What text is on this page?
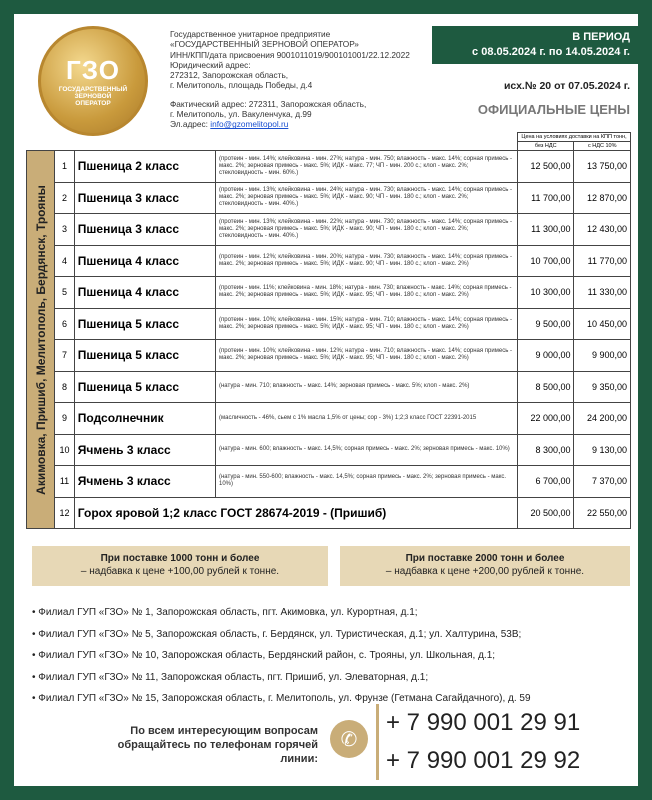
ГЗО
ГОСУДАРСТВЕННЫЙ
ЗЕРНОВОЙ
ОПЕРАТОР
Государственное унитарное предприятие
«ГОСУДАРСТВЕННЫЙ ЗЕРНОВОЙ ОПЕРАТОР»
ИНН/КПП/дата присвоения 9001011019/900101001/22.12.2022
Юридический адрес:
272312, Запорожская область,
г. Мелитополь, площадь Победы, д.4
Фактический адрес: 272311, Запорожская область,
г. Мелитополь, ул. Вакуленчука, д.99
Эл.адрес: info@gzomelitopol.ru
В ПЕРИОД
с 08.05.2024 г. по 14.05.2024 г.
исх.№ 20 от 07.05.2024 г.
ОФИЦИАЛЬНЫЕ ЦЕНЫ
				Цена на условиях доставки на КПП тонн,	
				без НДС	с НДС 10%

Акимовка, Пришиб, Мелитополь, Бердянск, Трояны	1	Пшеница 2 класс	(протеин - мин. 14%; клейковина - мин. 27%; натура - мин. 750; влажность - макс. 14%; сорная примесь - макс. 2%; зерновая примесь - макс. 5%; ИДК - макс. 77; ЧП - мин. 200 с.; клоп - макс. 2%; стекловидность - мин. 60%.)	12 500,00	13 750,00
	2	Пшеница 3 класс	(протеин - мин. 13%; клейковина - мин. 24%; натура - мин. 730; влажность - макс. 14%; сорная примесь - макс. 2%; зерновая примесь - макс. 5%; ИДК - макс. 90; ЧП - мин. 180 с.; клоп - макс. 2%; стекловидность - мин. 40%.)	11 700,00	12 870,00
	3	Пшеница 3 класс	(протеин - мин. 13%; клейковина - мин. 22%; натура - мин. 730; влажность - макс. 14%; сорная примесь - макс. 2%; зерновая примесь - макс. 5%; ИДК - макс. 90; ЧП - мин. 180 с.; клоп - макс. 2%; стекловидность - мин. 40%.)	11 300,00	12 430,00
	4	Пшеница 4 класс	(протеин - мин. 12%; клейковина - мин. 20%; натура - мин. 730; влажность - макс. 14%; сорная примесь - макс. 2%; зерновая примесь - макс. 5%; ИДК - макс. 90; ЧП - мин. 180 с.; клоп - макс. 2%)	10 700,00	11 770,00
	5	Пшеница 4 класс	(протеин - мин. 11%; клейковина - мин. 18%; натура - мин. 730; влажность - макс. 14%; сорная примесь - макс. 2%; зерновая примесь - макс. 5%; ИДК - макс. 95; ЧП - мин. 180 с.; клоп - макс. 2%)	10 300,00	11 330,00
	6	Пшеница 5 класс	(протеин - мин. 10%; клейковина - мин. 15%; натура - мин. 710; влажность - макс. 14%; сорная примесь - макс. 2%; зерновая примесь - макс. 5%; ИДК - макс. 95; ЧП - мин. 180 с.; клоп - макс. 2%)	9 500,00	10 450,00
	7	Пшеница 5 класс	(протеин - мин. 10%; клейковина - мин. 12%; натура - мин. 710; влажность - макс. 14%; сорная примесь - макс. 2%; зерновая примесь - макс. 5%; ИДК - макс. 95; ЧП - мин. 180 с.; клоп - макс. 2%)	9 000,00	9 900,00
	8	Пшеница 5 класс	(натура - мин. 710; влажность - макс. 14%; зерновая примесь - макс. 5%; клоп - макс. 2%)	8 500,00	9 350,00
	9	Подсолнечник	(масличность - 46%, сьем с 1% масла 1,5% от цены; сор - 3%) 1;2;3 класс ГОСТ 22391-2015	22 000,00	24 200,00
	10	Ячмень 3 класс	(натура - мин. 600; влажность - макс. 14,5%; сорная примесь - макс. 2%; зерновая примесь - макс. 10%)	8 300,00	9 130,00
	11	Ячмень 3 класс	(натура - мин. 550-600; влажность - макс. 14,5%; сорная примесь - макс. 2%; зерновая примесь - макс. 10%)	6 700,00	7 370,00
	12	Горох яровой 1;2 класс ГОСТ 28674-2019 - (Пришиб)		20 500,00	22 550,00
При поставке 1000 тонн и более
– надбавка к цене +100,00 рублей к тонне.
При поставке 2000 тонн и более
– надбавка к цене +200,00 рублей к тонне.
• Филиал ГУП «ГЗО» № 1, Запорожская область, пгт. Акимовка, ул. Курортная, д.1;
• Филиал ГУП «ГЗО» № 5, Запорожская область, г. Бердянск, ул. Туристическая, д.1; ул. Халтурина, 53В;
• Филиал ГУП «ГЗО» № 10, Запорожская область, Бердянский район, с. Трояны, ул. Школьная, д.1;
• Филиал ГУП «ГЗО» № 11, Запорожская область, пгт. Пришиб, ул. Элеваторная, д.1;
• Филиал ГУП «ГЗО» № 15, Запорожская область, г. Мелитополь, ул. Фрунзе (Гетмана Сагайдачного), д. 59
По всем интересующим вопросам
обращайтесь по телефонам горячей линии:
✆
+ 7 990 001 29 91
+ 7 990 001 29 92
